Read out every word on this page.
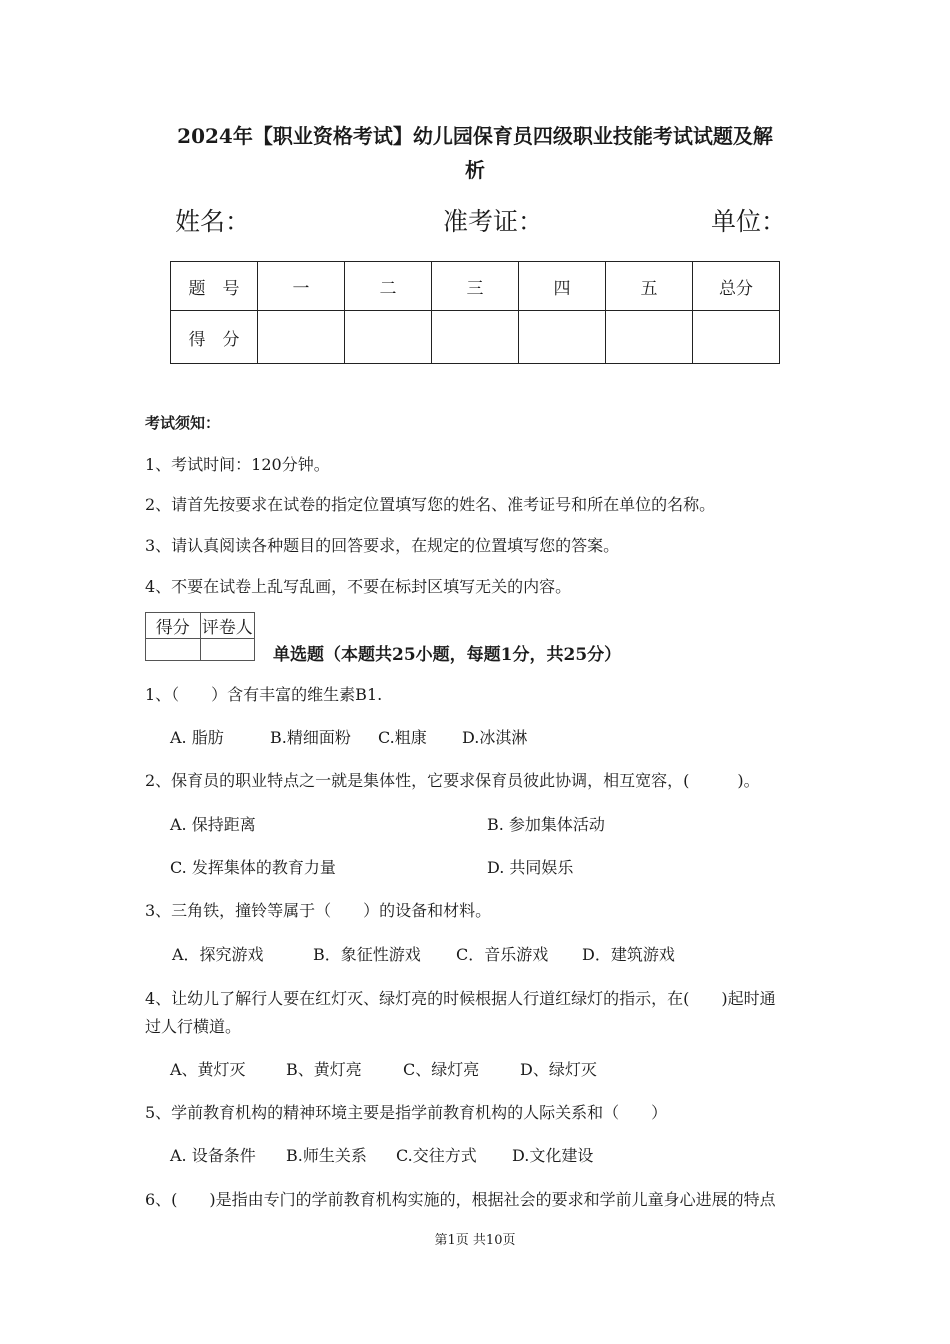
2024年【职业资格考试】幼儿园保育员四级职业技能考试试题及解
析
姓名：	准考证：	单位：
题　号	一	二	三	四	五	总分
得　分						
考试须知：
1、考试时间：120分钟。
2、请首先按要求在试卷的指定位置填写您的姓名、准考证号和所在单位的名称。
3、请认真阅读各种题目的回答要求，在规定的位置填写您的答案。
4、不要在试卷上乱写乱画，不要在标封区填写无关的内容。
得分	评卷人

单选题（本题共25小题，每题1分，共25分）
1、（　　）含有丰富的维生素B1.
A. 脂肪	B.精细面粉 C.粗康 D.冰淇淋
2、保育员的职业特点之一就是集体性，它要求保育员彼此协调，相互宽容，(　　　)。
A. 保持距离	B. 参加集体活动
C. 发挥集体的教育力量	D. 共同娱乐
3、三角铁，撞铃等属于（　　）的设备和材料。
A．探究游戏	B．象征性游戏 C．音乐游戏 D．建筑游戏
4、让幼儿了解行人要在红灯灭、绿灯亮的时候根据人行道红绿灯的指示，在(　　)起时通
过人行横道。
A、黄灯灭	B、黄灯亮	C、绿灯亮	D、绿灯灭
5、学前教育机构的精神环境主要是指学前教育机构的人际关系和（　　）
A. 设备条件 B.师生关系 C.交往方式 D.文化建设
6、(　　)是指由专门的学前教育机构实施的，根据社会的要求和学前儿童身心进展的特点
第1页 共10页
